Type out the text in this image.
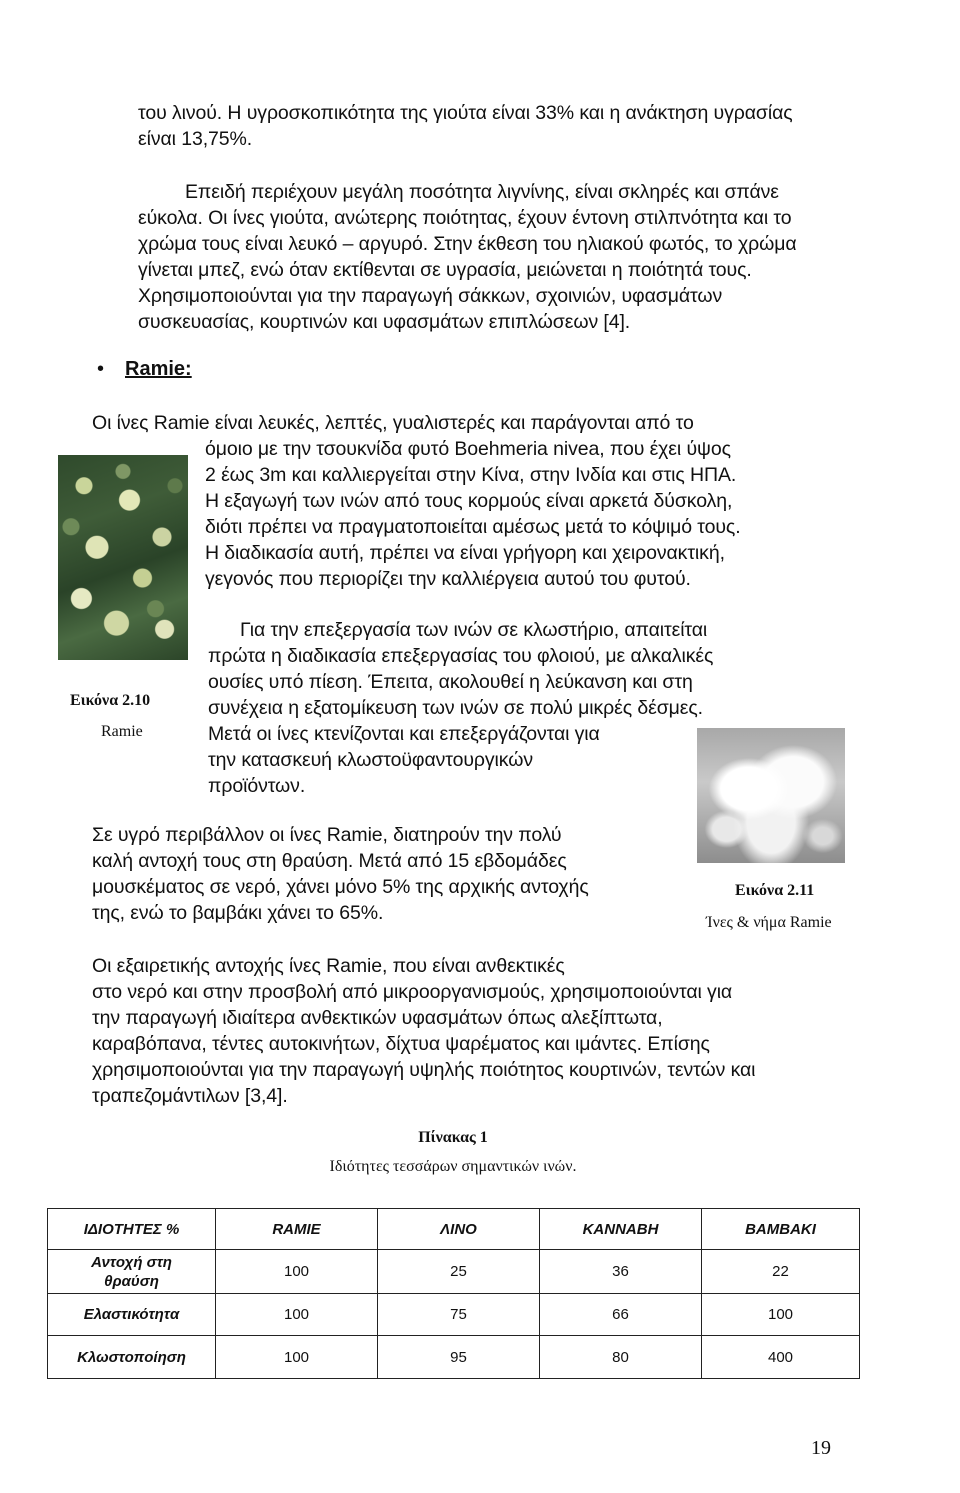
του λινού. Η υγροσκοπικότητα της γιούτα είναι 33% και η ανάκτηση υγρασίας
είναι 13,75%.
Επειδή περιέχουν μεγάλη ποσότητα λιγνίνης, είναι σκληρές και σπάνε
εύκολα. Οι ίνες γιούτα, ανώτερης ποιότητας, έχουν έντονη στιλπνότητα και το
χρώμα τους είναι λευκό – αργυρό. Στην έκθεση του ηλιακού φωτός, το χρώμα
γίνεται μπεζ, ενώ όταν εκτίθενται σε υγρασία, μειώνεται η ποιότητά τους.
Χρησιμοποιούνται για την παραγωγή σάκκων, σχοινιών, υφασμάτων
συσκευασίας, κουρτινών και υφασμάτων επιπλώσεων [4].
• Ramie:
Οι ίνες Ramie είναι λευκές, λεπτές, γυαλιστερές και παράγονται από το
όμοιο με την τσουκνίδα φυτό Boehmeria nivea, που έχει ύψος
2 έως 3m και καλλιεργείται στην Κίνα, στην Ινδία και στις ΗΠΑ.
Η εξαγωγή των ινών από τους κορμούς είναι αρκετά δύσκολη,
διότι πρέπει να πραγματοποιείται αμέσως μετά το κόψιμό τους.
Η διαδικασία αυτή, πρέπει να είναι γρήγορη και χειρονακτική,
γεγονός που περιορίζει την καλλιέργεια αυτού του φυτού.
Εικόνα 2.10
Ramie
Για την επεξεργασία των ινών σε κλωστήριο, απαιτείται
πρώτα η διαδικασία επεξεργασίας του φλοιού, με αλκαλικές
ουσίες υπό πίεση. Έπειτα, ακολουθεί η λεύκανση και στη
συνέχεια η εξατομίκευση των ινών σε πολύ μικρές δέσμες.
Μετά οι ίνες κτενίζονται και επεξεργάζονται για
την κατασκευή κλωστοϋφαντουργικών
προϊόντων.
Εικόνα 2.11
Ίνες & νήμα Ramie
Σε υγρό περιβάλλον οι ίνες Ramie, διατηρούν την πολύ
καλή αντοχή τους στη θραύση. Μετά από 15 εβδομάδες
μουσκέματος σε νερό, χάνει μόνο 5% της αρχικής αντοχής
της, ενώ το βαμβάκι χάνει το 65%.
Οι εξαιρετικής αντοχής ίνες Ramie, που είναι ανθεκτικές
στο νερό και στην προσβολή από μικροοργανισμούς, χρησιμοποιούνται για
την παραγωγή ιδιαίτερα ανθεκτικών υφασμάτων όπως αλεξίπτωτα,
καραβόπανα, τέντες αυτοκινήτων, δίχτυα ψαρέματος και ιμάντες. Επίσης
χρησιμοποιούνται για την παραγωγή υψηλής ποιότητος κουρτινών, τεντών και
τραπεζομάντιλων [3,4].
Πίνακας 1
Ιδιότητες τεσσάρων σημαντικών ινών.
ΙΔΙΟΤΗΤΕΣ %	RAMIE	ΛΙΝΟ	ΚΑΝΝΑΒΗ	ΒΑΜΒΑΚΙ
Αντοχή στη
θραύση	100	25	36	22
Ελαστικότητα	100	75	66	100
Κλωστοποίηση	100	95	80	400
19
